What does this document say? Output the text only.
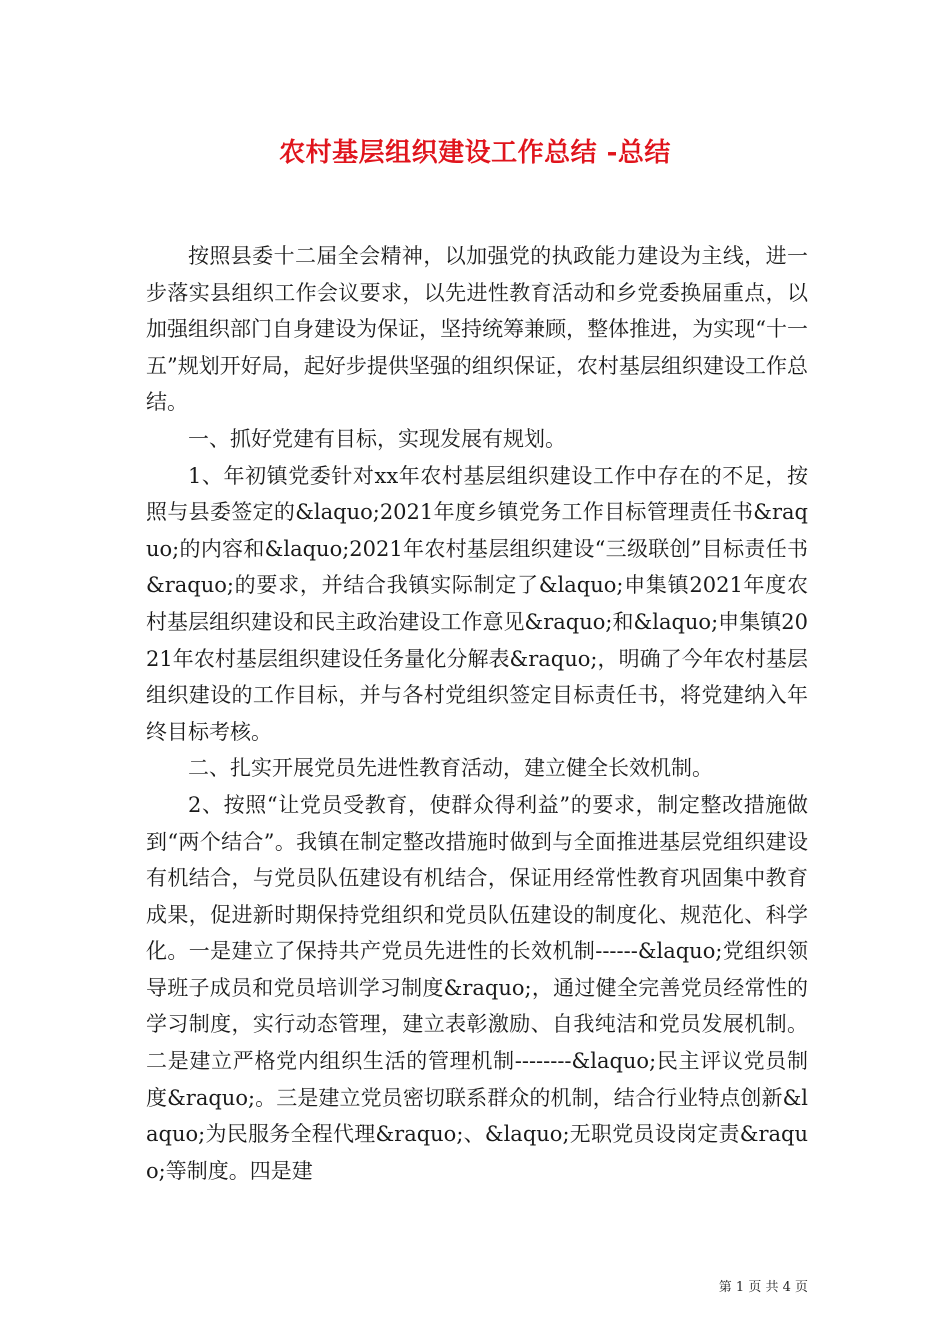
农村基层组织建设工作总结 -总结

按照县委十二届全会精神，以加强党的执政能力建设为主线，进一步落实县组织工作会议要求，以先进性教育活动和乡党委换届重点，以加强组织部门自身建设为保证，坚持统筹兼顾，整体推进，为实现“十一五”规划开好局，起好步提供坚强的组织保证，农村基层组织建设工作总结。

一、抓好党建有目标，实现发展有规划。

1、年初镇党委针对xx年农村基层组织建设工作中存在的不足，按照与县委签定的&laquo;2021年度乡镇党务工作目标管理责任书&raquo;的内容和&laquo;2021年农村基层组织建设“三级联创”目标责任书&raquo;的要求，并结合我镇实际制定了&laquo;申集镇2021年度农村基层组织建设和民主政治建设工作意见&raquo;和&laquo;申集镇2021年农村基层组织建设任务量化分解表&raquo;，明确了今年农村基层组织建设的工作目标，并与各村党组织签定目标责任书，将党建纳入年终目标考核。

二、扎实开展党员先进性教育活动，建立健全长效机制。

2、按照“让党员受教育，使群众得利益”的要求，制定整改措施做到“两个结合”。我镇在制定整改措施时做到与全面推进基层党组织建设有机结合，与党员队伍建设有机结合，保证用经常性教育巩固集中教育成果，促进新时期保持党组织和党员队伍建设的制度化、规范化、科学化。一是建立了保持共产党员先进性的长效机制------&laquo;党组织领导班子成员和党员培训学习制度&raquo;，通过健全完善党员经常性的学习制度，实行动态管理，建立表彰激励、自我纯洁和党员发展机制。二是建立严格党内组织生活的管理机制--------&laquo;民主评议党员制度&raquo;。三是建立党员密切联系群众的机制，结合行业特点创新&laquo;为民服务全程代理&raquo;、&laquo;无职党员设岗定责&raquo;等制度。四是建

第 1 页 共 4 页
